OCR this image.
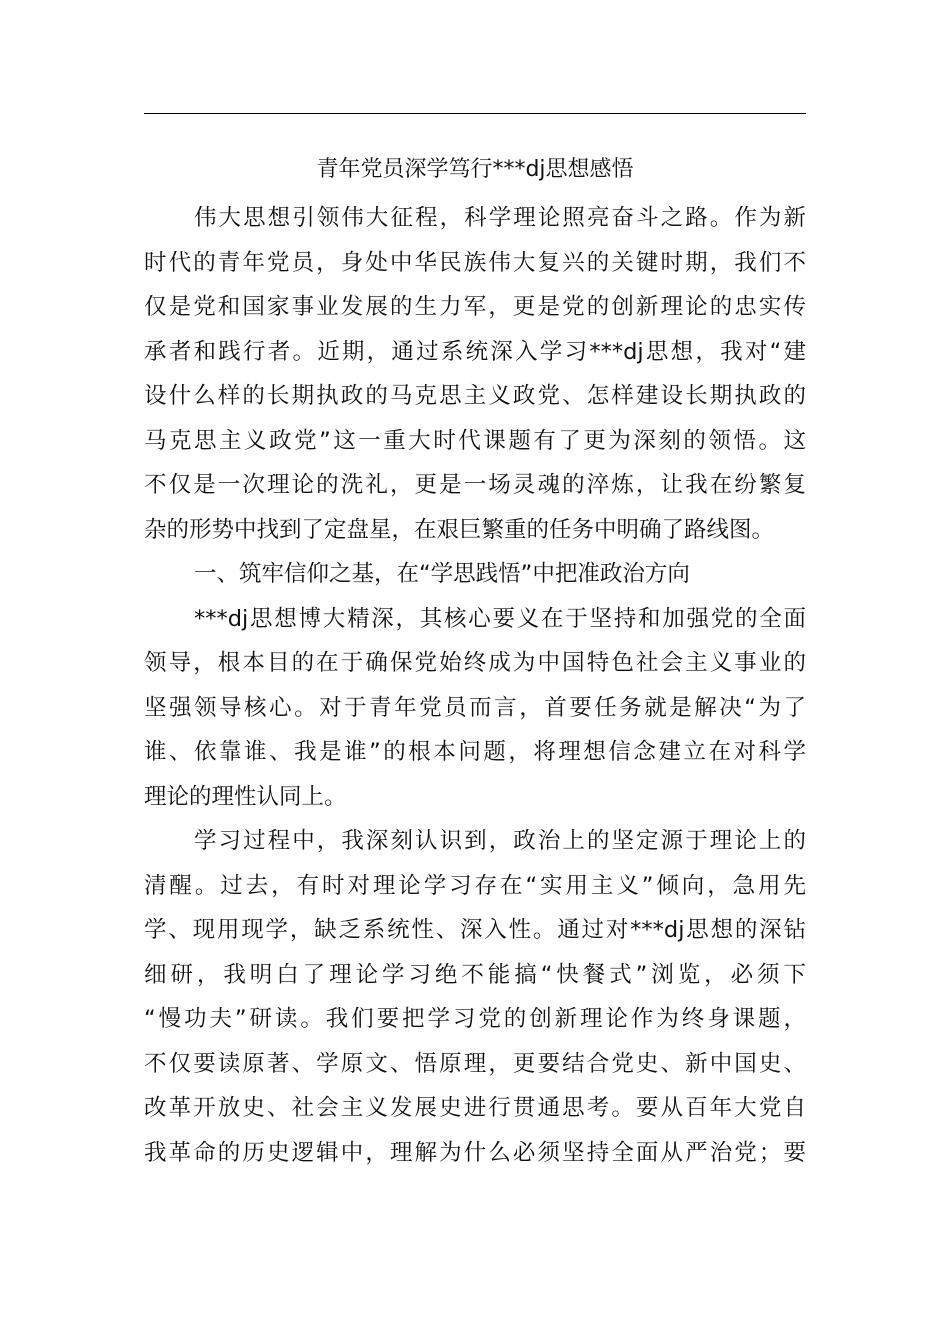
青年党员深学笃行***dj思想感悟
伟大思想引领伟大征程，科学理论照亮奋斗之路。作为新
时代的青年党员，身处中华民族伟大复兴的关键时期，我们不
仅是党和国家事业发展的生力军，更是党的创新理论的忠实传
承者和践行者。近期，通过系统深入学习***dj思想，我对“建
设什么样的长期执政的马克思主义政党、怎样建设长期执政的
马克思主义政党”这一重大时代课题有了更为深刻的领悟。这
不仅是一次理论的洗礼，更是一场灵魂的淬炼，让我在纷繁复
杂的形势中找到了定盘星，在艰巨繁重的任务中明确了路线图。
一、筑牢信仰之基，在“学思践悟”中把准政治方向
***dj思想博大精深，其核心要义在于坚持和加强党的全面
领导，根本目的在于确保党始终成为中国特色社会主义事业的
坚强领导核心。对于青年党员而言，首要任务就是解决“为了
谁、依靠谁、我是谁”的根本问题，将理想信念建立在对科学
理论的理性认同上。
学习过程中，我深刻认识到，政治上的坚定源于理论上的
清醒。过去，有时对理论学习存在“实用主义”倾向，急用先
学、现用现学，缺乏系统性、深入性。通过对***dj思想的深钻
细研，我明白了理论学习绝不能搞“快餐式”浏览，必须下
“慢功夫”研读。我们要把学习党的创新理论作为终身课题，
不仅要读原著、学原文、悟原理，更要结合党史、新中国史、
改革开放史、社会主义发展史进行贯通思考。要从百年大党自
我革命的历史逻辑中，理解为什么必须坚持全面从严治党；要
